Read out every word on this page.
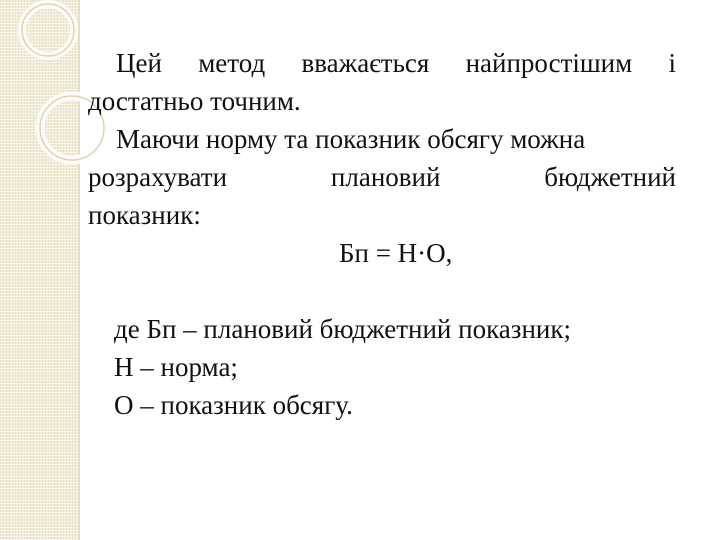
Цей метод вважається найпростішим і
достатньо точним.
Маючи норму та показник обсягу можна
розрахувати	плановий	бюджетний
показник:
Бп = Н·О,
де Бп – плановий бюджетний показник;
Н – норма;
О – показник обсягу.
